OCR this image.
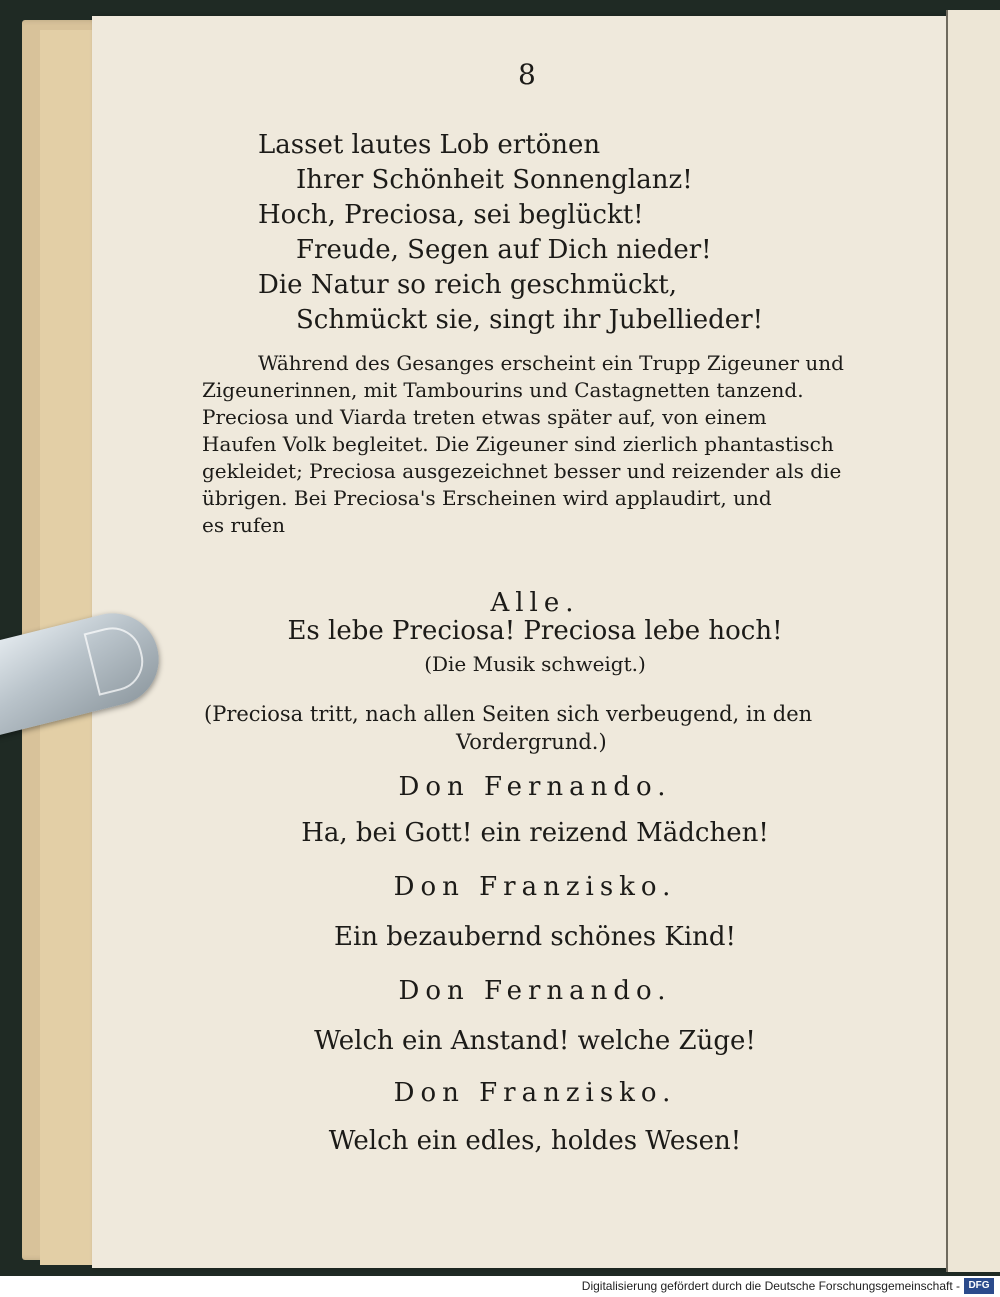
8
Lasset lautes Lob ertönen
Ihrer Schönheit Sonnenglanz!
Hoch, Preciosa, sei beglückt!
Freude, Segen auf Dich nieder!
Die Natur so reich geschmückt,
Schmückt sie, singt ihr Jubellieder!
Während des Gesanges erscheint ein Trupp Zigeuner und
Zigeunerinnen, mit Tambourins und Castagnetten tanzend.
Preciosa und Viarda treten etwas später auf, von einem
Haufen Volk begleitet. Die Zigeuner sind zierlich phantastisch
gekleidet; Preciosa ausgezeichnet besser und reizender als die
übrigen. Bei Preciosa's Erscheinen wird applaudirt, und
es rufen
Alle.
Es lebe Preciosa! Preciosa lebe hoch!
(Die Musik schweigt.)
(Preciosa tritt, nach allen Seiten sich verbeugend, in den
Vordergrund.)
Don Fernando.
Ha, bei Gott! ein reizend Mädchen!
Don Franzisko.
Ein bezaubernd schönes Kind!
Don Fernando.
Welch ein Anstand! welche Züge!
Don Franzisko.
Welch ein edles, holdes Wesen!
Digitalisierung gefördert durch die Deutsche Forschungsgemeinschaft - DFG
